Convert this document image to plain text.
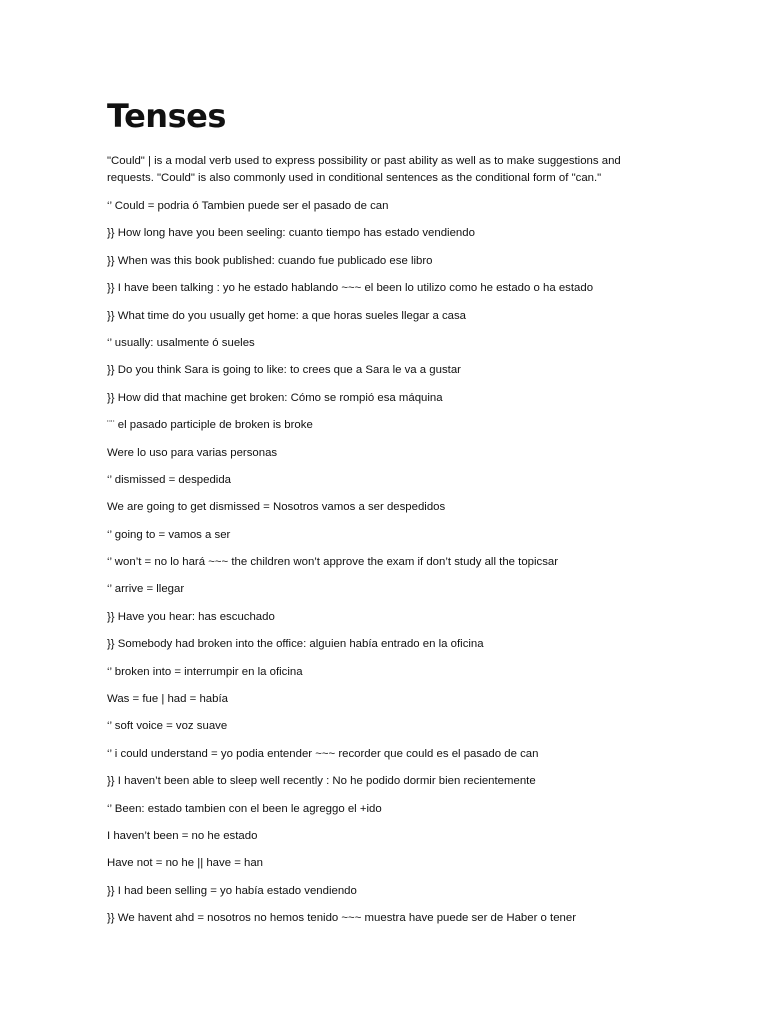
Tenses

"Could" | is a modal verb used to express possibility or past ability as well as to make suggestions and requests. "Could" is also commonly used in conditional sentences as the conditional form of "can."

‘’ Could = podria ó Tambien puede ser el pasado de can
}} How long have you been seeling: cuanto tiempo has estado vendiendo
}} When was this book published: cuando fue publicado ese libro
}} I have been talking : yo he estado hablando ~~~ el been lo utilizo como he estado o ha estado
}} What time do you usually get home: a que horas sueles llegar a casa
‘’ usually: usalmente ó sueles
}} Do you think Sara is going to like: to crees que a Sara le va a gustar
}} How did that machine get broken: Cómo se rompió esa máquina
¨¨ el pasado participle de broken is broke
Were lo uso para varias personas
‘’ dismissed = despedida
We are going to get dismissed = Nosotros vamos a ser despedidos
‘’ going to = vamos a ser
‘’ won’t = no lo hará ~~~ the children won’t approve the exam if don’t study all the topicsar
‘’ arrive = llegar
}} Have you hear: has escuchado
}} Somebody had broken into the office: alguien había entrado en la oficina
‘’ broken into = interrumpir en la oficina
Was = fue | had = había
‘’ soft voice = voz suave
‘’ i could understand = yo podia entender ~~~ recorder que could es el pasado de can
}} I haven’t been able to sleep well recently : No he podido dormir bien recientemente
‘’ Been: estado tambien con el been le agreggo el +ido
I haven’t been = no he estado
Have not = no he || have = han
}} I had been selling = yo había estado vendiendo
}} We havent ahd = nosotros no hemos tenido ~~~ muestra have puede ser de Haber o tener
